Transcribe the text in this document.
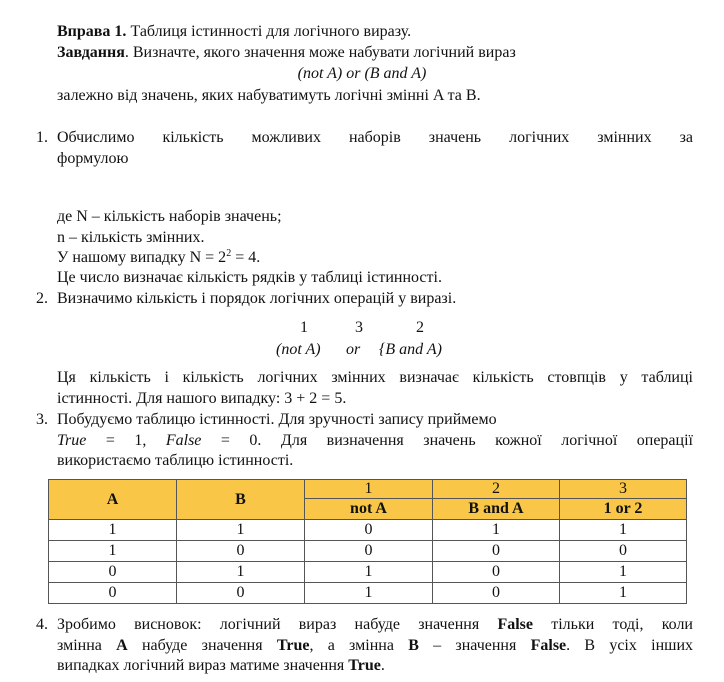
Вправа 1. Таблиця істинності для логічного виразу.
Завдання. Визначте, якого значення може набувати логічний вираз
(not A) or (B and A)
залежно від значень, яких набуватимуть логічні змінні A та B.
1. Обчислимо кількість можливих наборів значень логічних змінних за
формулою
де N – кількість наборів значень;
n – кількість змінних.
У нашому випадку $N = 2^2 = 4$.
Це число визначає кількість рядків у таблиці істинності.
2. Визначимо кількість і порядок логічних операцій у виразі.
1	3	2
(not A) or {B and A)
Ця кількість і кількість логічних змінних визначає кількість стовпців у таблиці
істинності. Для нашого випадку: 3 + 2 = 5.
3. Побудуємо таблицю істинності. Для зручності запису приймемо
True = 1, False = 0. Для визначення значень кожної логічної операції
використаємо таблицю істинності.
A	B	1	2	3
		not A	B and A	1 or 2
1	1	0	1	1
1	0	0	0	0
0	1	1	0	1
0	0	1	0	1
4. Зробимо висновок: логічний вираз набуде значення False тільки тоді, коли
змінна A набуде значення True, а змінна B – значення False. В усіх інших
випадках логічний вираз матиме значення True.
